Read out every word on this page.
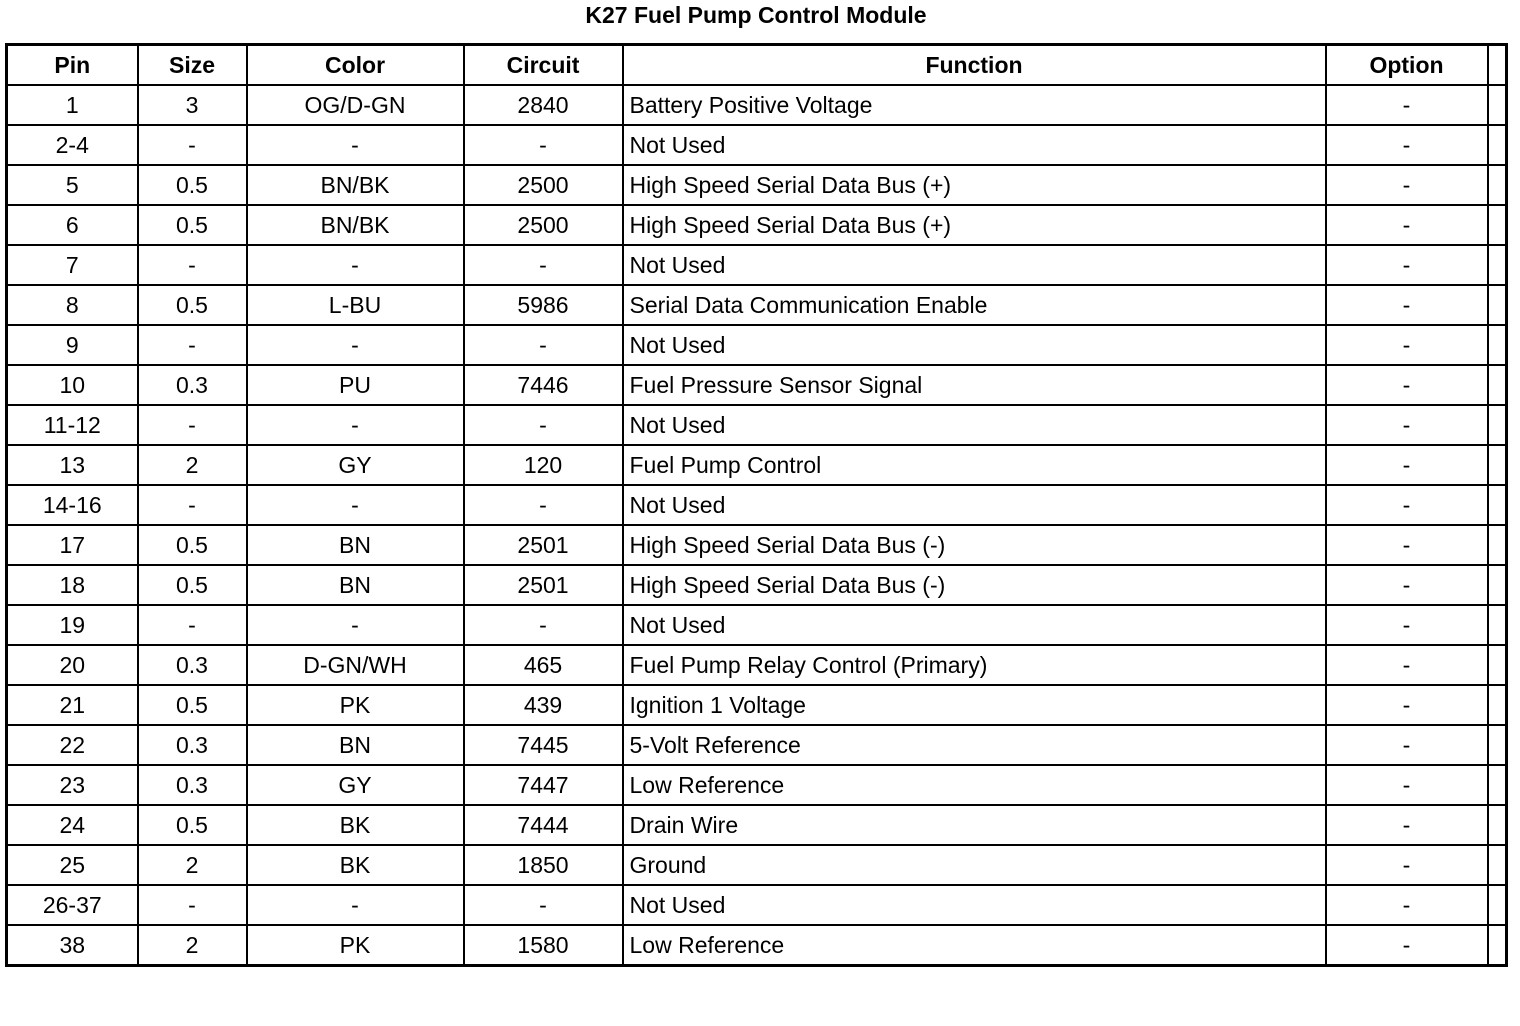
K27 Fuel Pump Control Module
Pin	Size	Color	Circuit	Function	Option	
1	3	OG/D-GN	2840	Battery Positive Voltage	-	
2-4	-	-	-	Not Used	-	
5	0.5	BN/BK	2500	High Speed Serial Data Bus (+)	-	
6	0.5	BN/BK	2500	High Speed Serial Data Bus (+)	-	
7	-	-	-	Not Used	-	
8	0.5	L-BU	5986	Serial Data Communication Enable	-	
9	-	-	-	Not Used	-	
10	0.3	PU	7446	Fuel Pressure Sensor Signal	-	
11-12	-	-	-	Not Used	-	
13	2	GY	120	Fuel Pump Control	-	
14-16	-	-	-	Not Used	-	
17	0.5	BN	2501	High Speed Serial Data Bus (-)	-	
18	0.5	BN	2501	High Speed Serial Data Bus (-)	-	
19	-	-	-	Not Used	-	
20	0.3	D-GN/WH	465	Fuel Pump Relay Control (Primary)	-	
21	0.5	PK	439	Ignition 1 Voltage	-	
22	0.3	BN	7445	5-Volt Reference	-	
23	0.3	GY	7447	Low Reference	-	
24	0.5	BK	7444	Drain Wire	-	
25	2	BK	1850	Ground	-	
26-37	-	-	-	Not Used	-	
38	2	PK	1580	Low Reference	-	
